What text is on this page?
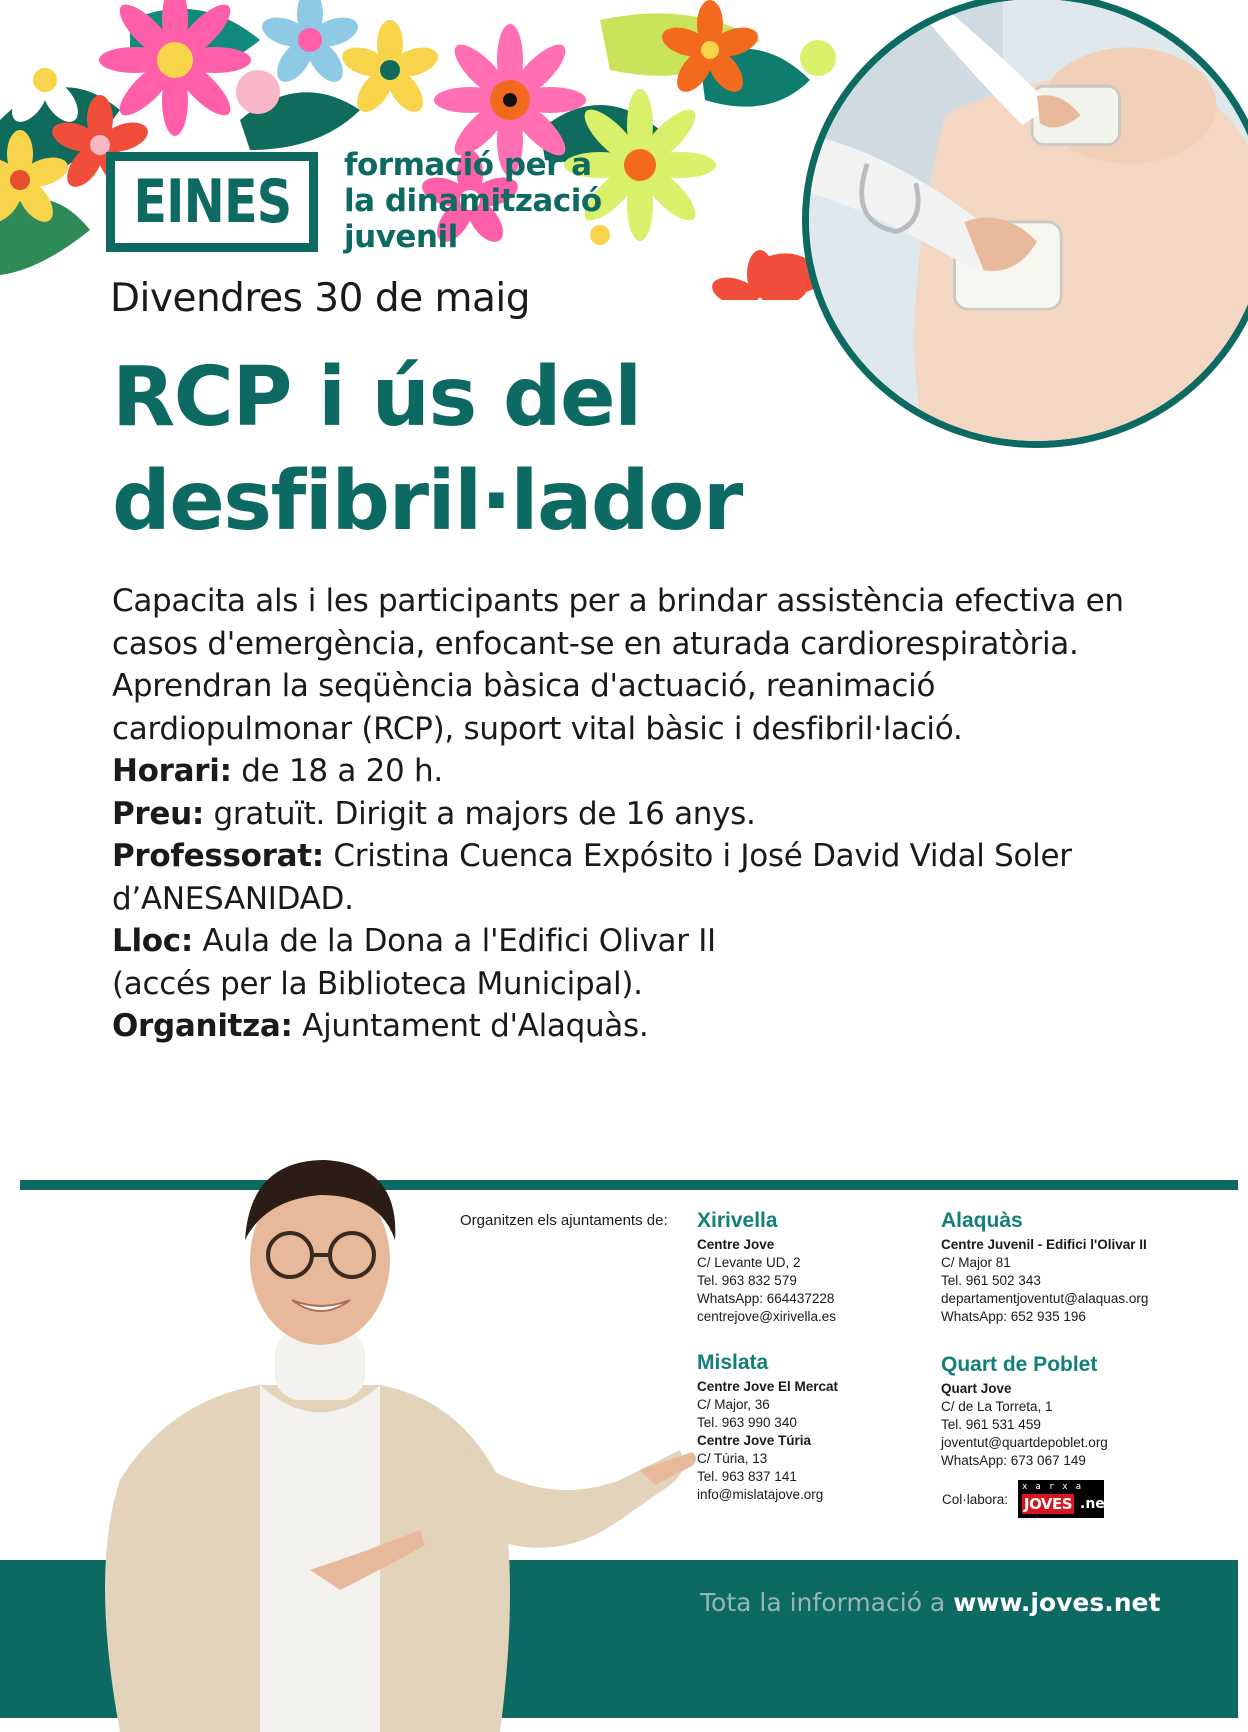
EINES
formació per a
la dinamització
juvenil
Divendres 30 de maig
RCP i ús del
desfibril·lador

Capacita als i les participants per a brindar assistència efectiva en casos d'emergència, enfocant-se en aturada cardiorespiratòria. Aprendran la seqüència bàsica d'actuació, reanimació cardiopulmonar (RCP), suport vital bàsic i desfibril·lació.

Horari: de 18 a 20 h.

Preu: gratuït. Dirigit a majors de 16 anys.

Professorat: Cristina Cuenca Expósito i José David Vidal Soler d’ANESANIDAD.

Lloc: Aula de la Dona a l'Edifici Olivar II

(accés per la Biblioteca Municipal).

Organitza: Ajuntament d'Alaquàs.

Organitzen els ajuntaments de: Xirivella
Centre Jove
C/ Levante UD, 2
Tel. 963 832 579
WhatsApp: 664437228
centrejove@xirivella.es
Alaquàs
Centre Juvenil - Edifici l'Olivar II
C/ Major 81
Tel. 961 502 343
departamentjoventut@alaquas.org
WhatsApp: 652 935 196
Mislata
Centre Jove El Mercat
C/ Major, 36
Tel. 963 990 340
Centre Jove Túria
C/ Túria, 13
Tel. 963 837 141
info@mislatajove.org
Quart de Poblet
Quart Jove
C/ de La Torreta, 1
Tel. 961 531 459
joventut@quartdepoblet.org
WhatsApp: 673 067 149
Col·labora:
xarxa
JOVES .net
Tota la informació a www.joves.net
